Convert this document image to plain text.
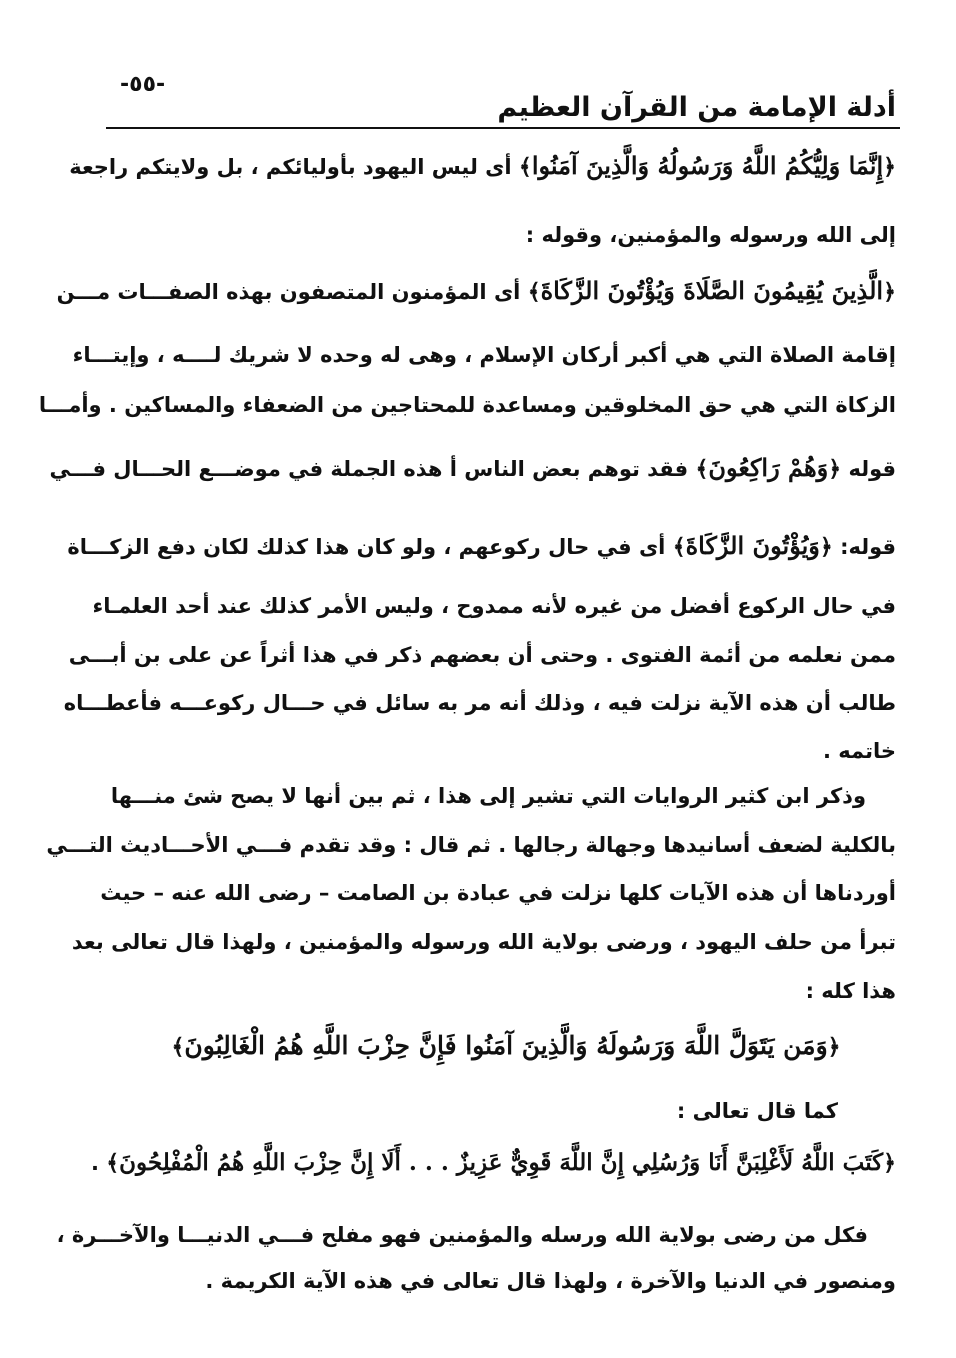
-٥٥-
أدلة الإمامة من القرآن العظيم
﴿إِنَّمَا وَلِيُّكُمُ اللَّهُ وَرَسُولُهُ وَالَّذِينَ آمَنُوا﴾ أى ليس اليهود بأوليائكم ، بل ولايتكم راجعة
إلى الله ورسوله والمؤمنين، وقوله :
﴿الَّذِينَ يُقِيمُونَ الصَّلَاةَ وَيُؤْتُونَ الزَّكَاةَ﴾ أى المؤمنون المتصفون بهذه الصفـــات مـــن
إقامة الصلاة التي هي أكبر أركان الإسلام ، وهى له وحده لا شريك لــــه ، وإيتـــاء
الزكاة التي هي حق المخلوقين ومساعدة للمحتاجين من الضعفاء والمساكين . وأمـــا
قوله ﴿وَهُمْ رَاكِعُونَ﴾ فقد توهم بعض الناس أ هذه الجملة في موضـــع الحـــال فـــي
قوله: ﴿وَيُؤْتُونَ الزَّكَاةَ﴾ أى في حال ركوعهم ، ولو كان هذا كذلك لكان دفع الزكـــاة
في حال الركوع أفضل من غيره لأنه ممدوح ، وليس الأمر كذلك عند أحد العلمـاء
ممن نعلمه من أئمة الفتوى . وحتى أن بعضهم ذكر في هذا أثراً عن على بن أبـــى
طالب أن هذه الآية نزلت فيه ، وذلك أنه مر به سائل في حـــال ركوعـــه فأعطـــاه
خاتمه .
وذكر ابن كثير الروايات التي تشير إلى هذا ، ثم بين أنها لا يصح شئ منـــها
بالكلية لضعف أسانيدها وجهالة رجالها . ثم قال : وقد تقدم فـــي الأحـــاديث التـــي
أوردناها أن هذه الآيات كلها نزلت في عبادة بن الصامت – رضى الله عنه – حيث
تبرأ من حلف اليهود ، ورضى بولاية الله ورسوله والمؤمنين ، ولهذا قال تعالى بعد
هذا كله :
﴿وَمَن يَتَوَلَّ اللَّهَ وَرَسُولَهُ وَالَّذِينَ آمَنُوا فَإِنَّ حِزْبَ اللَّهِ هُمُ الْغَالِبُونَ﴾
كما قال تعالى :
﴿كَتَبَ اللَّهُ لَأَغْلِبَنَّ أَنَا وَرُسُلِي إِنَّ اللَّهَ قَوِيٌّ عَزِيزٌ . . . أَلَا إِنَّ حِزْبَ اللَّهِ هُمُ الْمُفْلِحُونَ﴾ .
فكل من رضى بولاية الله ورسله والمؤمنين فهو مفلح فـــي الدنيـــا والآخـــرة ،
ومنصور في الدنيا والآخرة ، ولهذا قال تعالى في هذه الآية الكريمة .
